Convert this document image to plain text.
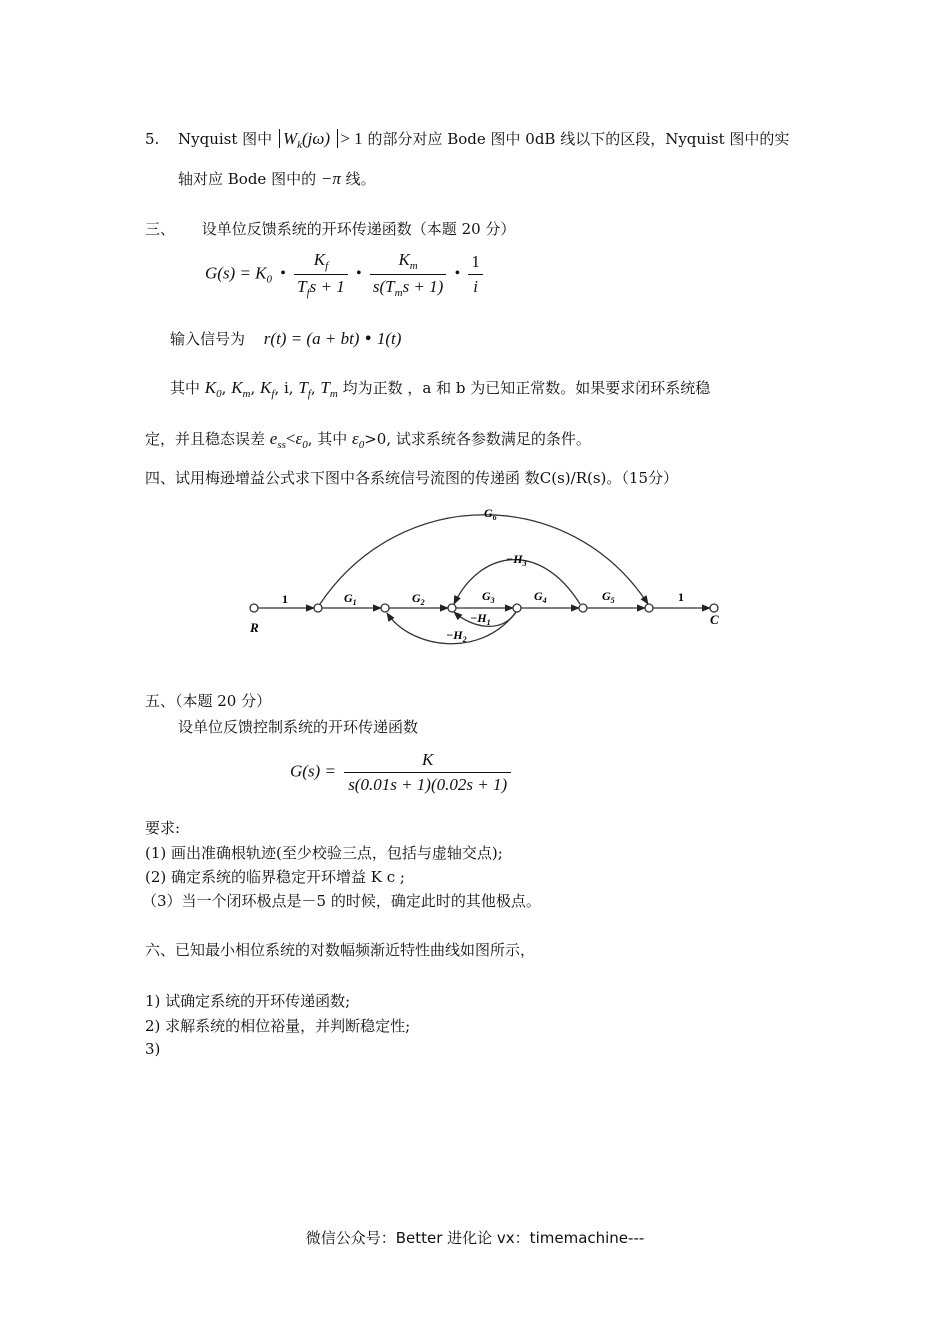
5. Nyquist 图中 $W_k(j\omega) > 1$ 的部分对应 Bode 图中 0dB 线以下的区段，Nyquist 图中的实
轴对应 Bode 图中的 −π 线。
三、 设单位反馈系统的开环传递函数（本题 20 分）
$G(s) = K_0$ • $\frac{K_f}{T_fs + 1}$ • $\frac{K_m}{s(T_ms + 1)}$ • $\frac{1}{i}$
输入信号为 r(t) = (a + bt) • 1(t)
其中 $K_0$, $K_m$, $K_f$, i, $T_f$, $T_m$ 均为正数 ，a 和 b 为已知正常数。如果要求闭环系统稳
定，并且稳态误差 $e_{ss}<\varepsilon_0$, 其中 $\varepsilon_0>0$, 试求系统各参数满足的条件。
四、试用梅逊增益公式求下图中各系统信号流图的传递函 数C(s)/R(s)。（15分）
R
C
1	1
$G_1$	$G_2$	$G_3$	$G_4$	$G_5$
$G_6$
$-H_3$
$-H_1$
$-H_2$
五、（本题 20 分）
设单位反馈控制系统的开环传递函数
$G(s) = \frac{K}{s(0.01s + 1)(0.02s + 1)}$
要求:
(1) 画出准确根轨迹(至少校验三点，包括与虚轴交点);
(2) 确定系统的临界稳定开环增益 K c ;
（3）当一个闭环极点是－5 的时候，确定此时的其他极点。
六、已知最小相位系统的对数幅频渐近特性曲线如图所示，
1) 试确定系统的开环传递函数;
2) 求解系统的相位裕量，并判断稳定性;
3)
微信公众号：Better 进化论 vx：timemachine---
